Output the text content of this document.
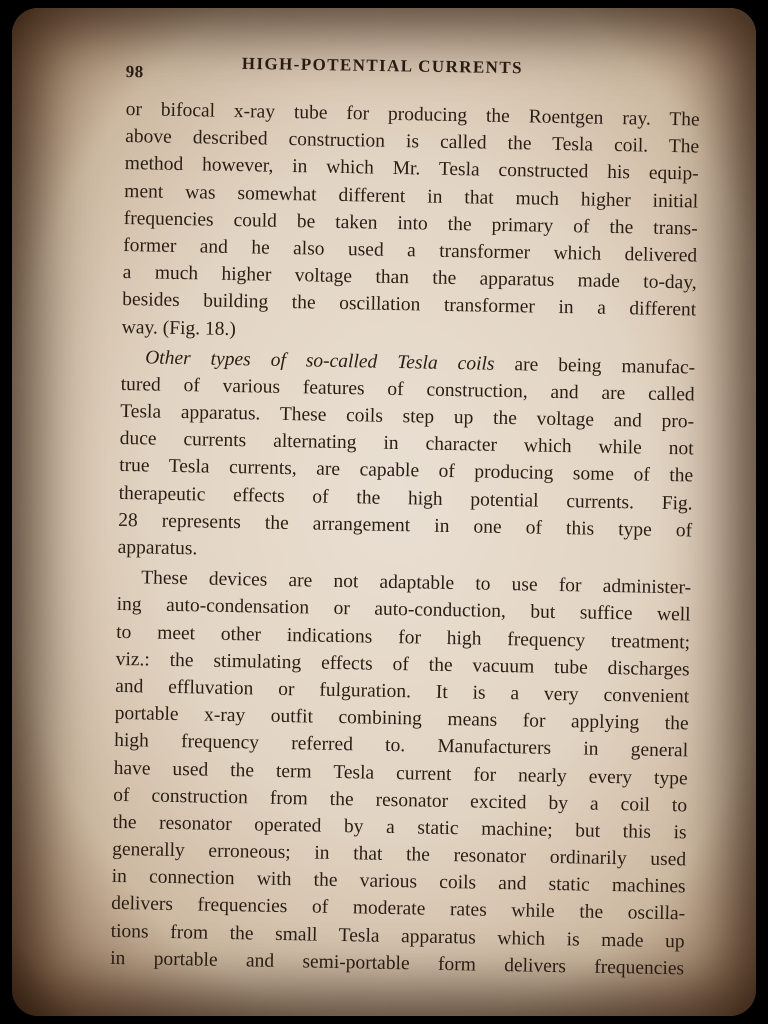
98	HIGH-POTENTIAL CURRENTS
or bifocal x-ray tube for producing the Roentgen ray. The
above described construction is called the Tesla coil. The
method however, in which Mr. Tesla constructed his equip-
ment was somewhat different in that much higher initial
frequencies could be taken into the primary of the trans-
former and he also used a transformer which delivered
a much higher voltage than the apparatus made to-day,
besides building the oscillation transformer in a different
way. (Fig. 18.)
Other types of so-called Tesla coils are being manufac-
tured of various features of construction, and are called
Tesla apparatus. These coils step up the voltage and pro-
duce currents alternating in character which while not
true Tesla currents, are capable of producing some of the
therapeutic effects of the high potential currents. Fig.
28 represents the arrangement in one of this type of
apparatus.
These devices are not adaptable to use for administer-
ing auto-condensation or auto-conduction, but suffice well
to meet other indications for high frequency treatment;
viz.: the stimulating effects of the vacuum tube discharges
and effluvation or fulguration. It is a very convenient
portable x-ray outfit combining means for applying the
high frequency referred to. Manufacturers in general
have used the term Tesla current for nearly every type
of construction from the resonator excited by a coil to
the resonator operated by a static machine; but this is
generally erroneous; in that the resonator ordinarily used
in connection with the various coils and static machines
delivers frequencies of moderate rates while the oscilla-
tions from the small Tesla apparatus which is made up
in portable and semi-portable form delivers frequencies
